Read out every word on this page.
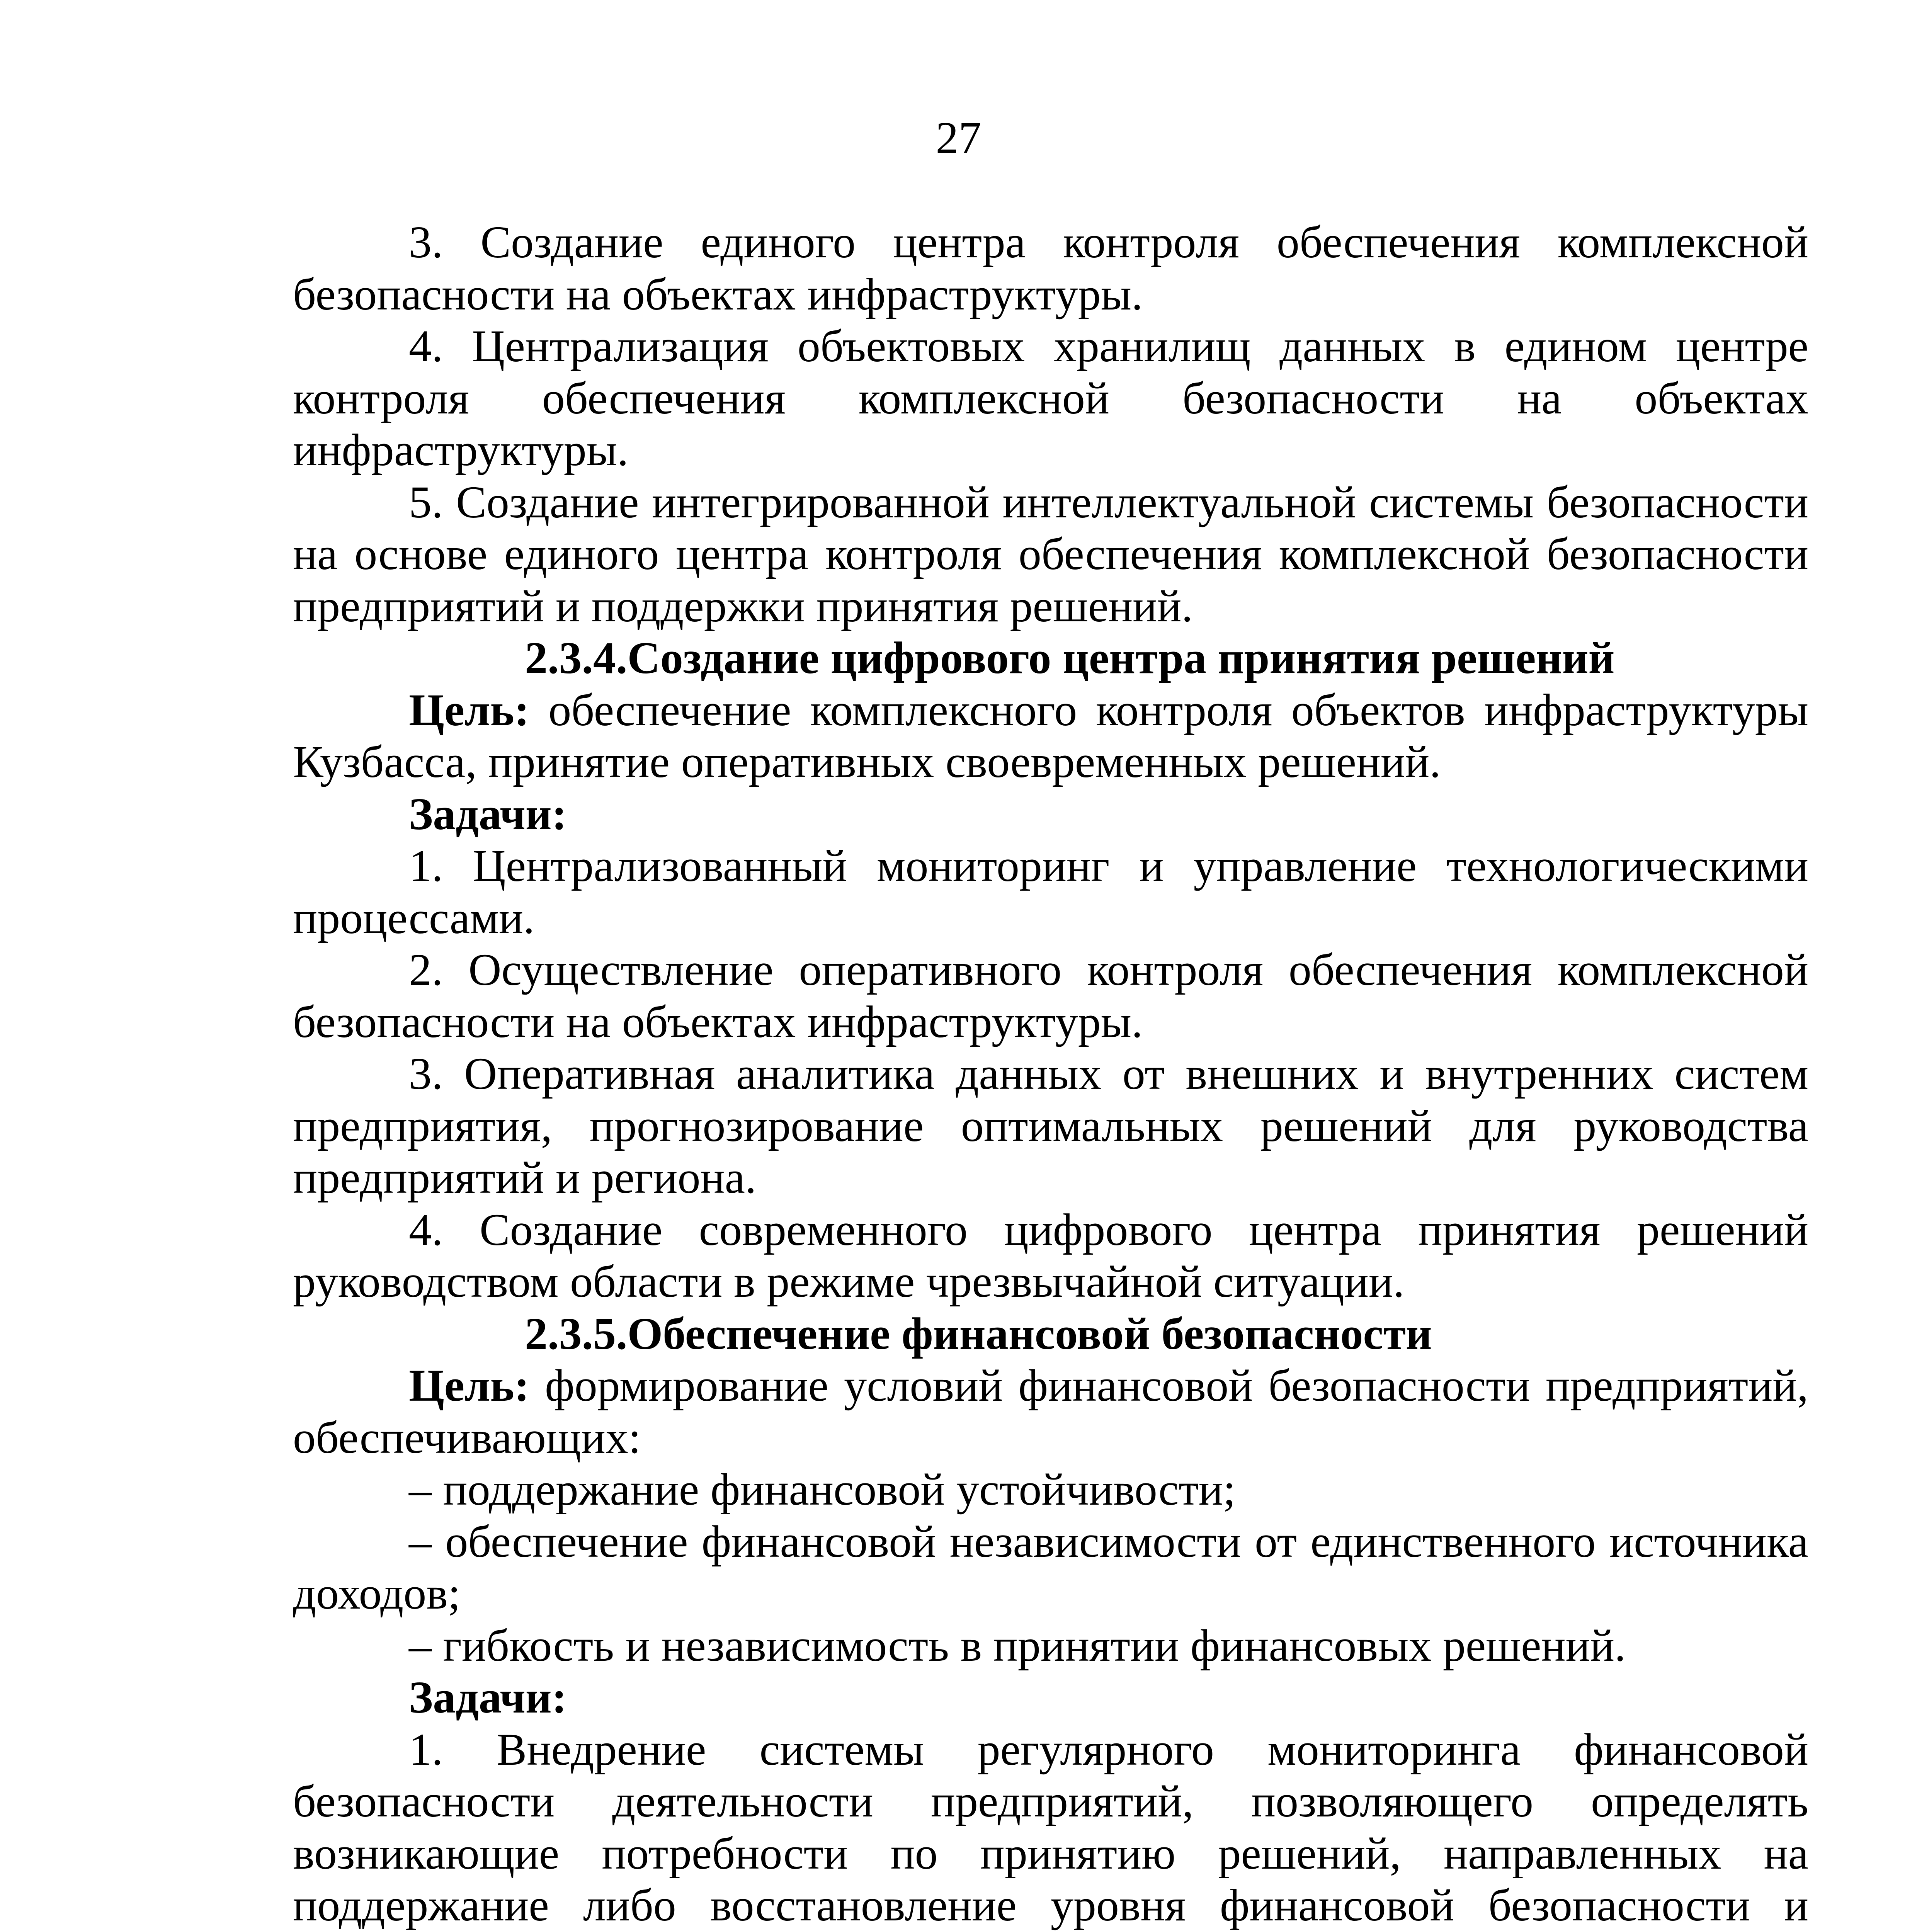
27

3. Создание единого центра контроля обеспечения комплексной безопасности на объектах инфраструктуры.

4. Централизация объектовых хранилищ данных в едином центре контроля обеспечения комплексной безопасности на объектах инфраструктуры.

5. Создание интегрированной интеллектуальной системы безопасности на основе единого центра контроля обеспечения комплексной безопасности предприятий и поддержки принятия решений.

2.3.4.Создание цифрового центра принятия решений

Цель: обеспечение комплексного контроля объектов инфраструктуры Кузбасса, принятие оперативных своевременных решений.

Задачи:

1. Централизованный мониторинг и управление технологическими процессами.

2. Осуществление оперативного контроля обеспечения комплексной безопасности на объектах инфраструктуры.

3. Оперативная аналитика данных от внешних и внутренних систем предприятия, прогнозирование оптимальных решений для руководства предприятий и региона.

4. Создание современного цифрового центра принятия решений руководством области в режиме чрезвычайной ситуации.

2.3.5.Обеспечение финансовой безопасности

Цель: формирование условий финансовой безопасности предприятий, обеспечивающих:

– поддержание финансовой устойчивости;

– обеспечение финансовой независимости от единственного источника доходов;

– гибкость и независимость в принятии финансовых решений.

Задачи:

1. Внедрение системы регулярного мониторинга финансовой безопасности деятельности предприятий, позволяющего определять возникающие потребности по принятию решений, направленных на поддержание либо восстановление уровня финансовой безопасности и
